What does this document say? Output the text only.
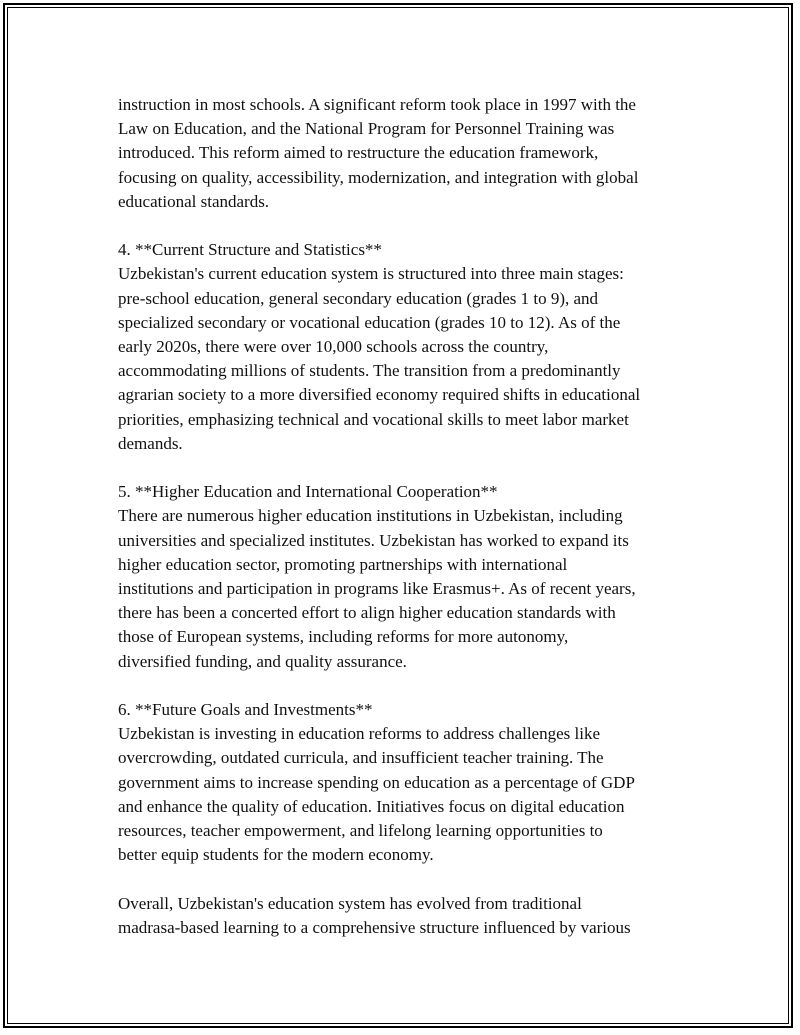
instruction in most schools. A significant reform took place in 1997 with the
Law on Education, and the National Program for Personnel Training was
introduced. This reform aimed to restructure the education framework,
focusing on quality, accessibility, modernization, and integration with global
educational standards.

4. **Current Structure and Statistics**
Uzbekistan's current education system is structured into three main stages:
pre-school education, general secondary education (grades 1 to 9), and
specialized secondary or vocational education (grades 10 to 12). As of the
early 2020s, there were over 10,000 schools across the country,
accommodating millions of students. The transition from a predominantly
agrarian society to a more diversified economy required shifts in educational
priorities, emphasizing technical and vocational skills to meet labor market
demands.

5. **Higher Education and International Cooperation**
There are numerous higher education institutions in Uzbekistan, including
universities and specialized institutes. Uzbekistan has worked to expand its
higher education sector, promoting partnerships with international
institutions and participation in programs like Erasmus+. As of recent years,
there has been a concerted effort to align higher education standards with
those of European systems, including reforms for more autonomy,
diversified funding, and quality assurance.

6. **Future Goals and Investments**
Uzbekistan is investing in education reforms to address challenges like
overcrowding, outdated curricula, and insufficient teacher training. The
government aims to increase spending on education as a percentage of GDP
and enhance the quality of education. Initiatives focus on digital education
resources, teacher empowerment, and lifelong learning opportunities to
better equip students for the modern economy.

Overall, Uzbekistan's education system has evolved from traditional
madrasa-based learning to a comprehensive structure influenced by various
